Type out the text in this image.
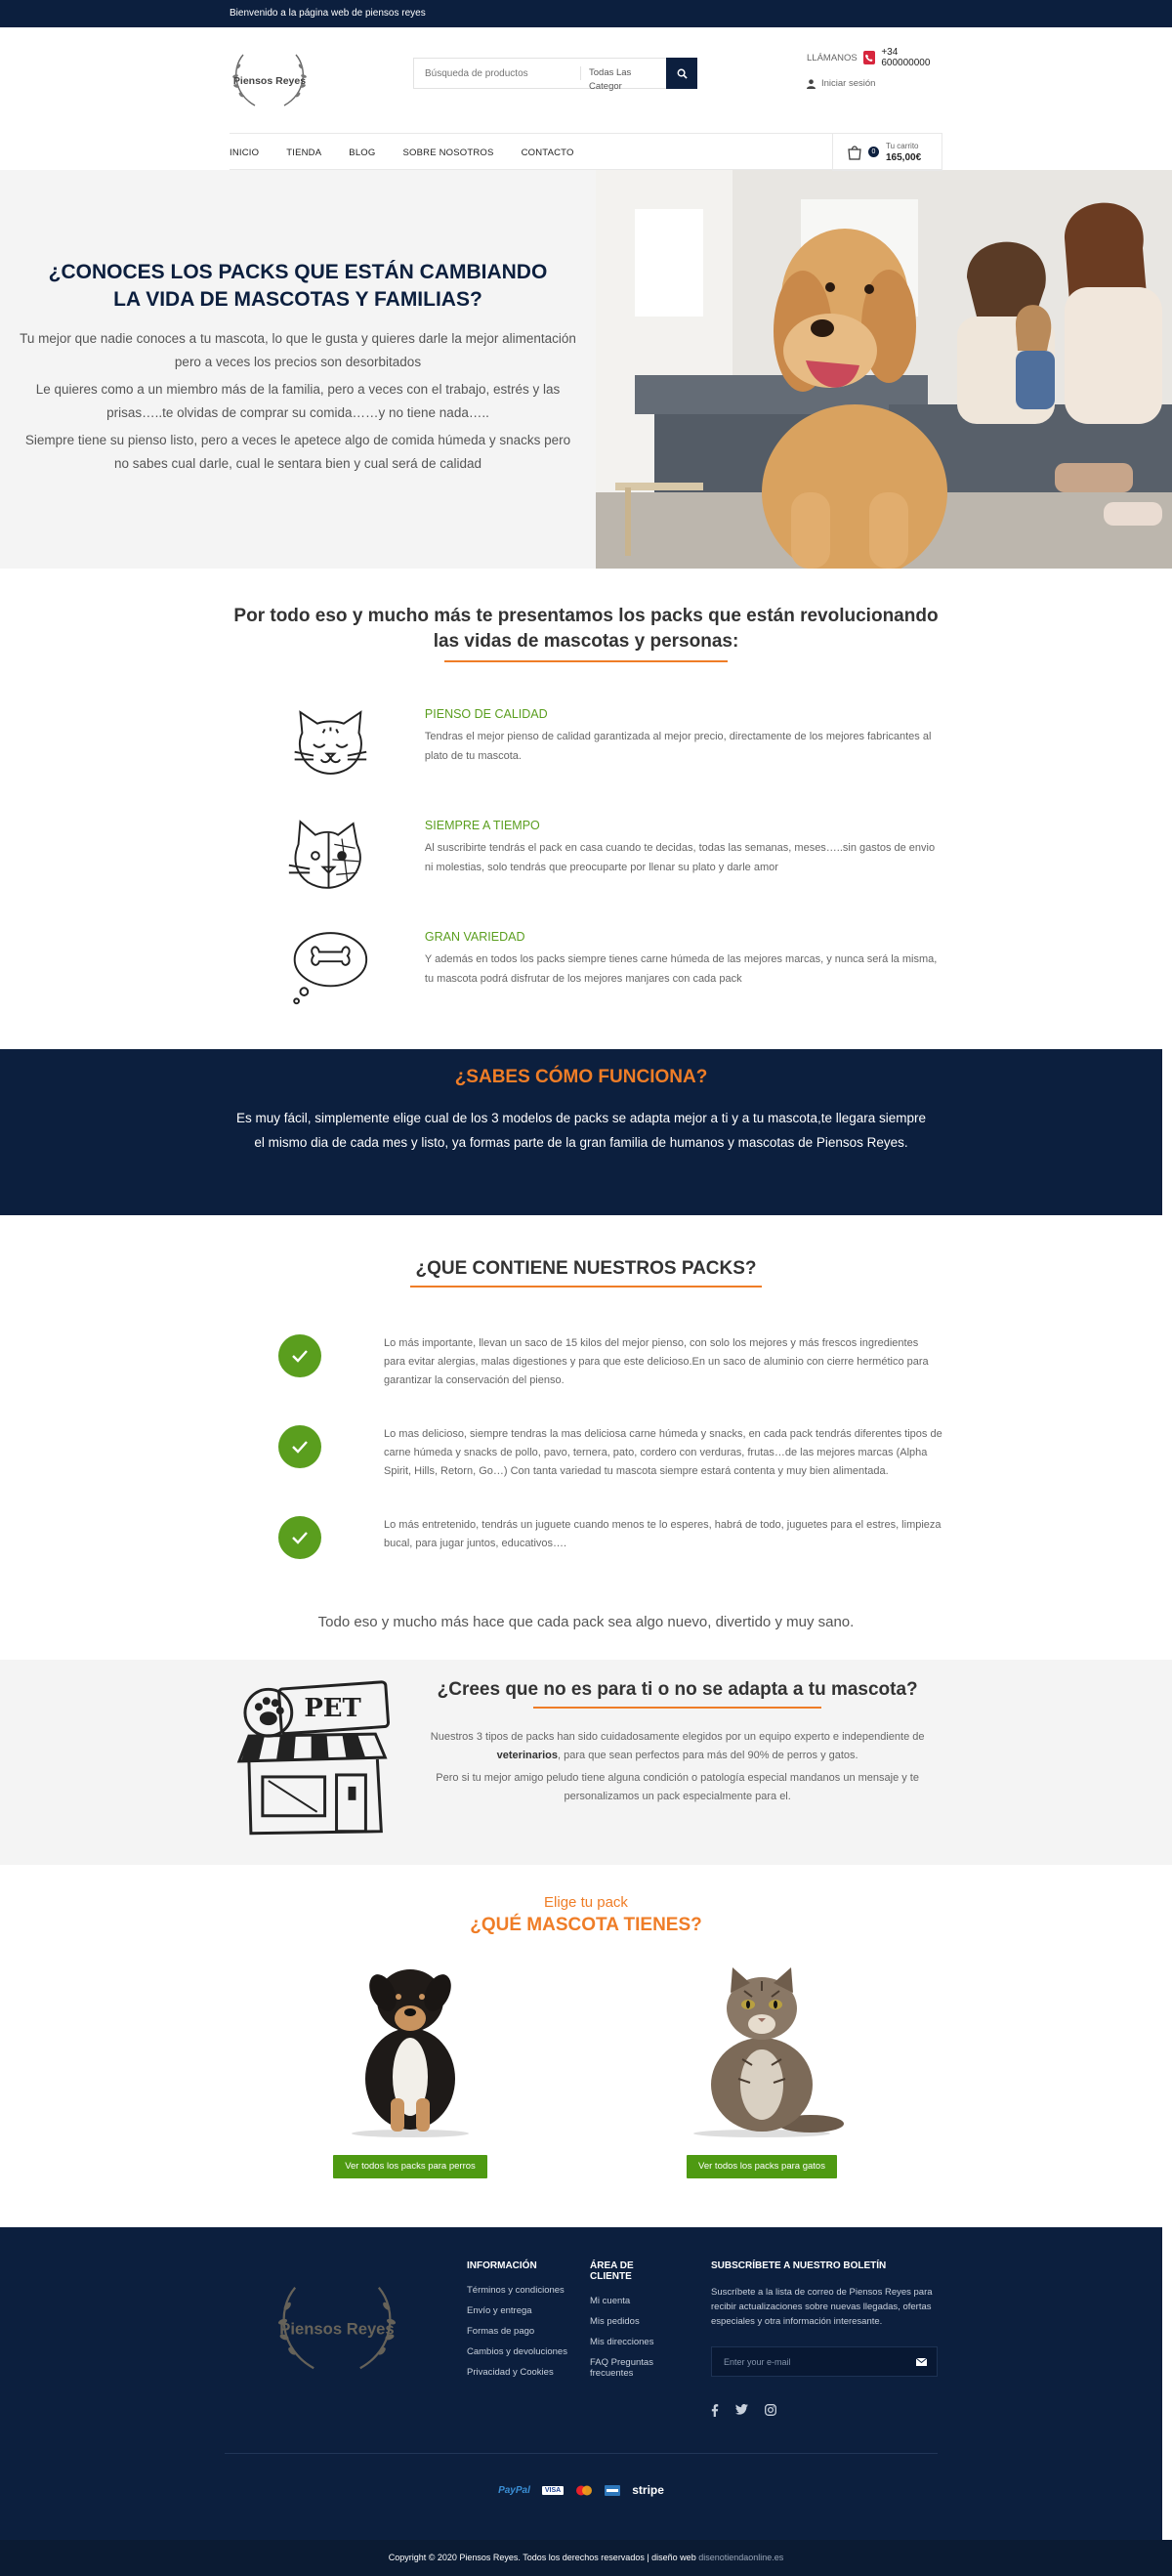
Bienvenido a la página web de piensos reyes
Piensos Reyes
Búsqueda de productos
Todas Las Categor
LLÁMANOS +34 600000000
Iniciar sesión
INICIO	TIENDA	BLOG	SOBRE NOSOTROS	CONTACTO	0
Tu carrito
165,00€
¿CONOCES LOS PACKS QUE ESTÁN CAMBIANDO LA VIDA DE MASCOTAS Y FAMILIAS?

Tu mejor que nadie conoces a tu mascota, lo que le gusta y quieres darle la mejor alimentación pero a veces los precios son desorbitados

Le quieres como a un miembro más de la familia, pero a veces con el trabajo, estrés y las prisas…..te olvidas de comprar su comida……y no tiene nada…..

Siempre tiene su pienso listo, pero a veces le apetece algo de comida húmeda y snacks pero no sabes cual darle, cual le sentara bien y cual será de calidad

Por todo eso y mucho más te presentamos los packs que están revolucionando las vidas de mascotas y personas:
PIENSO DE CALIDAD

Tendras el mejor pienso de calidad garantizada al mejor precio, directamente de los mejores fabricantes al plato de tu mascota.

SIEMPRE A TIEMPO

Al suscribirte tendrás el pack en casa cuando te decidas, todas las semanas, meses…..sin gastos de envio ni molestias, solo tendrás que preocuparte por llenar su plato y darle amor

GRAN VARIEDAD

Y además en todos los packs siempre tienes carne húmeda de las mejores marcas, y nunca será la misma, tu mascota podrá disfrutar de los mejores manjares con cada pack

¿SABES CÓMO FUNCIONA?

Es muy fácil, simplemente elige cual de los 3 modelos de packs se adapta mejor a ti y a tu mascota,te llegara siempre el mismo dia de cada mes y listo, ya formas parte de la gran familia de humanos y mascotas de Piensos Reyes.

¿QUE CONTIENE NUESTROS PACKS?

Lo más importante, llevan un saco de 15 kilos del mejor pienso, con solo los mejores y más frescos ingredientes para evitar alergias, malas digestiones y para que este delicioso.En un saco de aluminio con cierre hermético para garantizar la conservación del pienso.

Lo mas delicioso, siempre tendras la mas deliciosa carne húmeda y snacks, en cada pack tendrás diferentes tipos de carne húmeda y snacks de pollo, pavo, ternera, pato, cordero con verduras, frutas…de las mejores marcas (Alpha Spirit, Hills, Retorn, Go…) Con tanta variedad tu mascota siempre estará contenta y muy bien alimentada.

Lo más entretenido, tendrás un juguete cuando menos te lo esperes, habrá de todo, juguetes para el estres, limpieza bucal, para jugar juntos, educativos….

Todo eso y mucho más hace que cada pack sea algo nuevo, divertido y muy sano.
PET
¿Crees que no es para ti o no se adapta a tu mascota?

Nuestros 3 tipos de packs han sido cuidadosamente elegidos por un equipo experto e independiente de veterinarios, para que sean perfectos para más del 90% de perros y gatos.

Pero si tu mejor amigo peludo tiene alguna condición o patología especial mandanos un mensaje y te personalizamos un pack especialmente para el.

Elige tu pack
¿QUÉ MASCOTA TIENES?
Ver todos los packs para perros	Ver todos los packs para gatos
Piensos Reyes
INFORMACIÓN
Términos y condiciones
Envío y entrega
Formas de pago
Cambios y devoluciones
Privacidad y Cookies
ÁREA DE CLIENTE
Mi cuenta
Mis pedidos
Mis direcciones
FAQ Preguntas frecuentes
SUBSCRÍBETE A NUESTRO BOLETÍN

Suscríbete a la lista de correo de Piensos Reyes para recibir actualizaciones sobre nuevas llegadas, ofertas especiales y otra información interesante.

Enter your e-mail
PayPal	VISA	stripe
Copyright © 2020 Piensos Reyes. Todos los derechos reservados | diseño web disenotiendaonline.es
